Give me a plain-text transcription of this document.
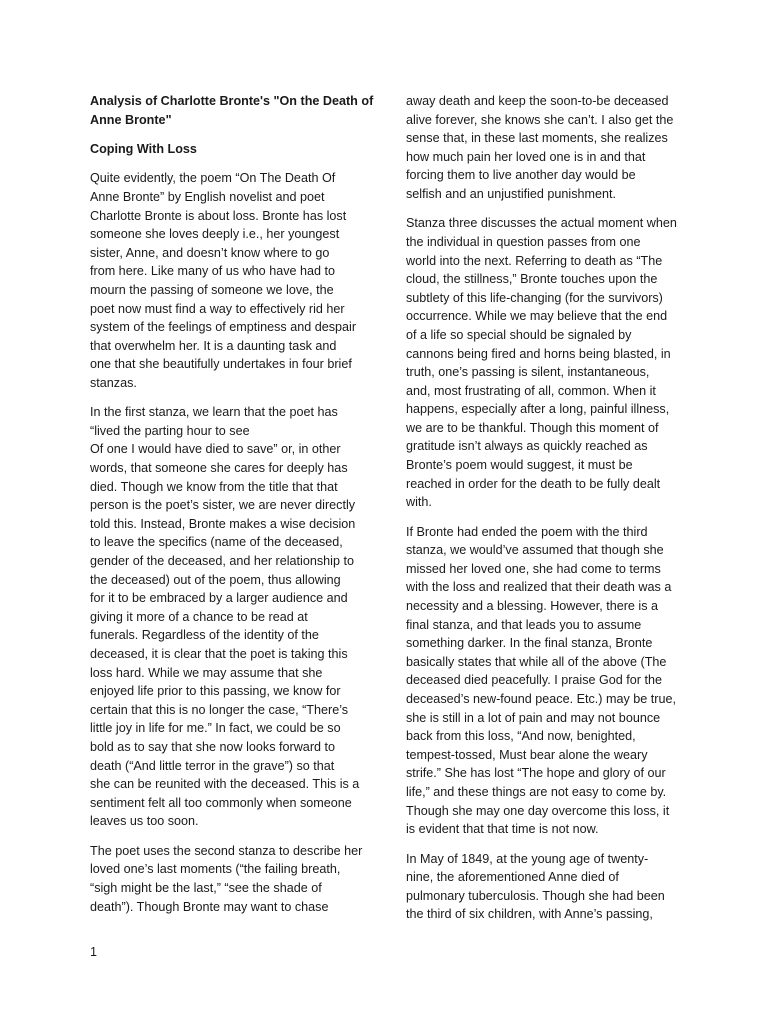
Analysis of Charlotte Bronte's "On the Death of
Anne Bronte"
Coping With Loss
Quite evidently, the poem “On The Death Of
Anne Bronte” by English novelist and poet
Charlotte Bronte is about loss. Bronte has lost
someone she loves deeply i.e., her youngest
sister, Anne, and doesn’t know where to go
from here. Like many of us who have had to
mourn the passing of someone we love, the
poet now must find a way to effectively rid her
system of the feelings of emptiness and despair
that overwhelm her. It is a daunting task and
one that she beautifully undertakes in four brief
stanzas.
In the first stanza, we learn that the poet has
“lived the parting hour to see
Of one I would have died to save” or, in other
words, that someone she cares for deeply has
died. Though we know from the title that that
person is the poet’s sister, we are never directly
told this. Instead, Bronte makes a wise decision
to leave the specifics (name of the deceased,
gender of the deceased, and her relationship to
the deceased) out of the poem, thus allowing
for it to be embraced by a larger audience and
giving it more of a chance to be read at
funerals. Regardless of the identity of the
deceased, it is clear that the poet is taking this
loss hard. While we may assume that she
enjoyed life prior to this passing, we know for
certain that this is no longer the case, “There’s
little joy in life for me.” In fact, we could be so
bold as to say that she now looks forward to
death (“And little terror in the grave”) so that
she can be reunited with the deceased. This is a
sentiment felt all too commonly when someone
leaves us too soon.
The poet uses the second stanza to describe her
loved one’s last moments (“the failing breath,
“sigh might be the last,” “see the shade of
death”). Though Bronte may want to chase
away death and keep the soon-to-be deceased
alive forever, she knows she can’t. I also get the
sense that, in these last moments, she realizes
how much pain her loved one is in and that
forcing them to live another day would be
selfish and an unjustified punishment.
Stanza three discusses the actual moment when
the individual in question passes from one
world into the next. Referring to death as “The
cloud, the stillness,” Bronte touches upon the
subtlety of this life-changing (for the survivors)
occurrence. While we may believe that the end
of a life so special should be signaled by
cannons being fired and horns being blasted, in
truth, one’s passing is silent, instantaneous,
and, most frustrating of all, common. When it
happens, especially after a long, painful illness,
we are to be thankful. Though this moment of
gratitude isn’t always as quickly reached as
Bronte’s poem would suggest, it must be
reached in order for the death to be fully dealt
with.
If Bronte had ended the poem with the third
stanza, we would’ve assumed that though she
missed her loved one, she had come to terms
with the loss and realized that their death was a
necessity and a blessing. However, there is a
final stanza, and that leads you to assume
something darker. In the final stanza, Bronte
basically states that while all of the above (The
deceased died peacefully. I praise God for the
deceased’s new-found peace. Etc.) may be true,
she is still in a lot of pain and may not bounce
back from this loss, “And now, benighted,
tempest-tossed, Must bear alone the weary
strife.” She has lost “The hope and glory of our
life,” and these things are not easy to come by.
Though she may one day overcome this loss, it
is evident that that time is not now.
In May of 1849, at the young age of twenty-
nine, the aforementioned Anne died of
pulmonary tuberculosis. Though she had been
the third of six children, with Anne’s passing,
1
